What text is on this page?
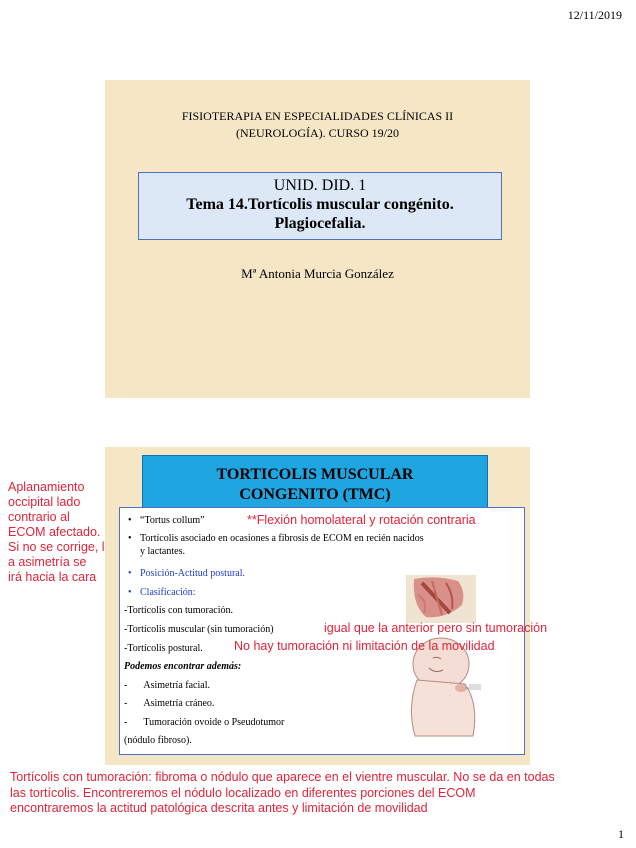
12/11/2019
FISIOTERAPIA EN ESPECIALIDADES CLÍNICAS II
(NEUROLOGÍA). CURSO 19/20
UNID. DID. 1
Tema 14.Tortícolis muscular congénito.
Plagiocefalia.
Mª Antonia Murcia González
TORTICOLIS MUSCULAR
CONGENITO (TMC)
• “Tortus collum”
• Tortícolis asociado en ocasiones a fibrosis de ECOM en recién nacidos
y lactantes.
• Posición-Actitud postural.
• Clasificación:
-Tortícolis con tumoración.
-Tortícolis muscular (sin tumoración)
-Tortícolis postural.
Podemos encontrar además:
- Asimetría facial.
- Asimetría cráneo.
- Tumoración ovoide o Pseudotumor
(nódulo fibroso).
Aplanamiento
occipital lado
contrario al
ECOM afectado.
Si no se corrige, l
a asimetría se
irá hacia la cara
**Flexión homolateral y rotación contraria
igual que la anterior pero sin tumoración
No hay tumoración ni limitación de la movilidad
Tortícolis con tumoración: fibroma o nódulo que aparece en el vientre muscular. No se da en todas
las tortícolis. Encontreremos el nódulo localizado en diferentes porciones del ECOM
encontraremos la actitud patológica descrita antes y limitación de movilidad
1
